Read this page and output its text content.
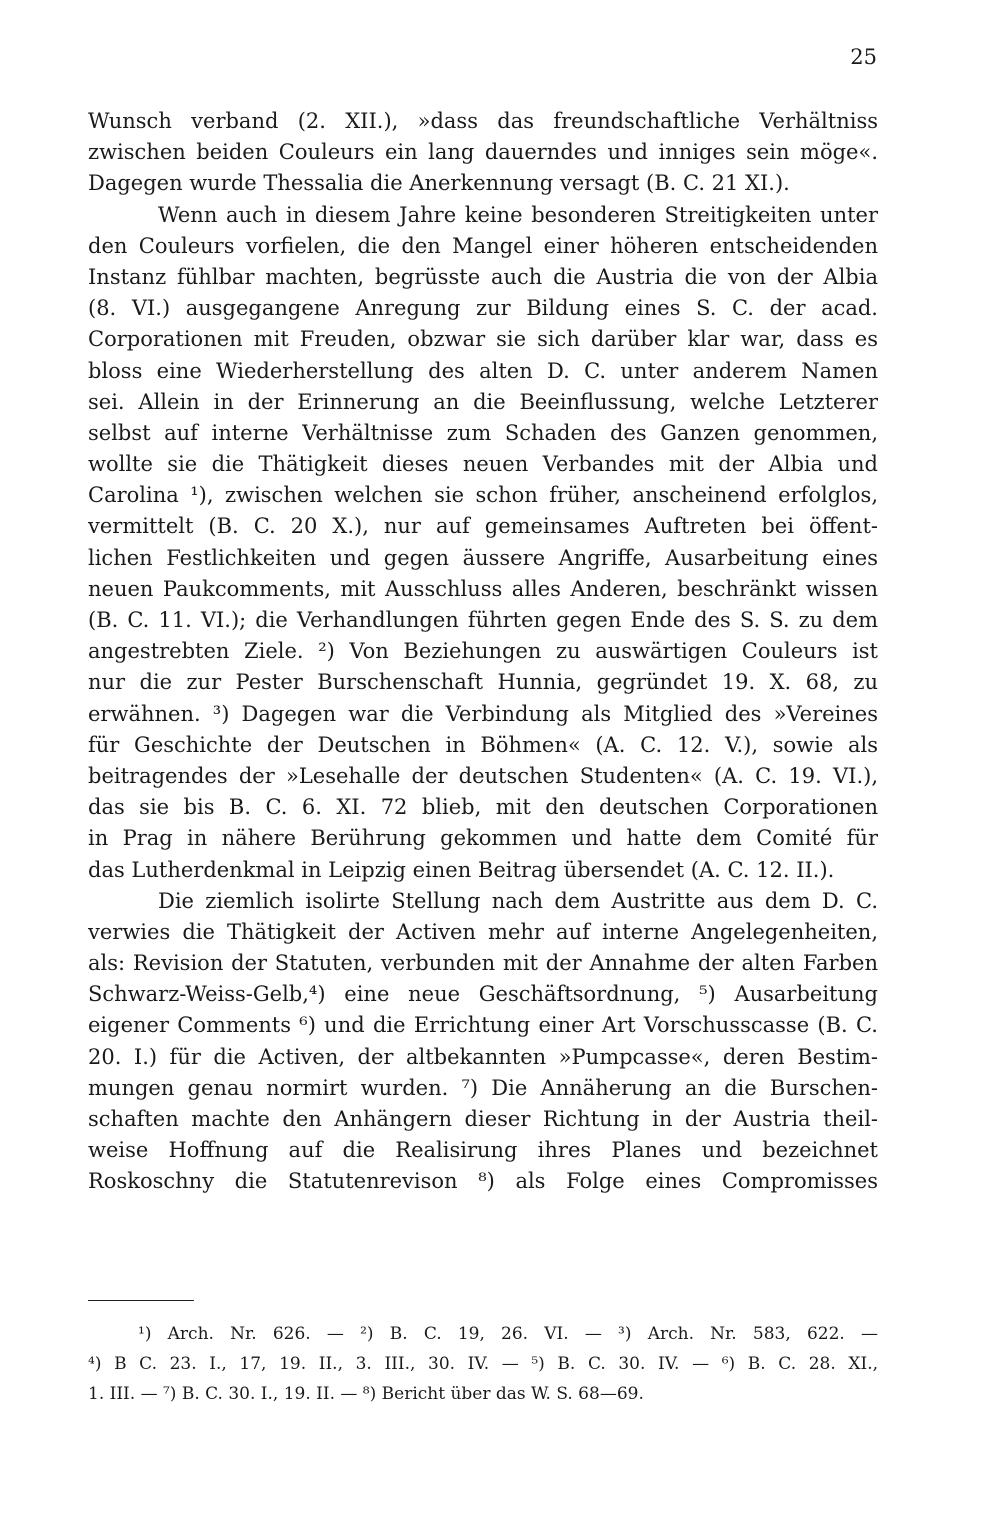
25
Wunsch verband (2. XII.), »dass das freundschaftliche Verhältniss
zwischen beiden Couleurs ein lang dauerndes und inniges sein möge«.
Dagegen wurde Thessalia die Anerkennung versagt (B. C. 21 XI.).
Wenn auch in diesem Jahre keine besonderen Streitigkeiten unter
den Couleurs vorfielen, die den Mangel einer höheren entscheidenden
Instanz fühlbar machten, begrüsste auch die Austria die von der Albia
(8. VI.) ausgegangene Anregung zur Bildung eines S. C. der acad.
Corporationen mit Freuden, obzwar sie sich darüber klar war, dass es
bloss eine Wiederherstellung des alten D. C. unter anderem Namen
sei. Allein in der Erinnerung an die Beeinflussung, welche Letzterer
selbst auf interne Verhältnisse zum Schaden des Ganzen genommen,
wollte sie die Thätigkeit dieses neuen Verbandes mit der Albia und
Carolina ¹), zwischen welchen sie schon früher, anscheinend erfolglos,
vermittelt (B. C. 20 X.), nur auf gemeinsames Auftreten bei öffent-
lichen Festlichkeiten und gegen äussere Angriffe, Ausarbeitung eines
neuen Paukcomments, mit Ausschluss alles Anderen, beschränkt wissen
(B. C. 11. VI.); die Verhandlungen führten gegen Ende des S. S. zu dem
angestrebten Ziele. ²) Von Beziehungen zu auswärtigen Couleurs ist
nur die zur Pester Burschenschaft Hunnia, gegründet 19. X. 68, zu
erwähnen. ³) Dagegen war die Verbindung als Mitglied des »Vereines
für Geschichte der Deutschen in Böhmen« (A. C. 12. V.), sowie als
beitragendes der »Lesehalle der deutschen Studenten« (A. C. 19. VI.),
das sie bis B. C. 6. XI. 72 blieb, mit den deutschen Corporationen
in Prag in nähere Berührung gekommen und hatte dem Comité für
das Lutherdenkmal in Leipzig einen Beitrag übersendet (A. C. 12. II.).
Die ziemlich isolirte Stellung nach dem Austritte aus dem D. C.
verwies die Thätigkeit der Activen mehr auf interne Angelegenheiten,
als: Revision der Statuten, verbunden mit der Annahme der alten Farben
Schwarz-Weiss-Gelb,⁴) eine neue Geschäftsordnung, ⁵) Ausarbeitung
eigener Comments ⁶) und die Errichtung einer Art Vorschusscasse (B. C.
20. I.) für die Activen, der altbekannten »Pumpcasse«, deren Bestim-
mungen genau normirt wurden. ⁷) Die Annäherung an die Burschen-
schaften machte den Anhängern dieser Richtung in der Austria theil-
weise Hoffnung auf die Realisirung ihres Planes und bezeichnet
Roskoschny die Statutenrevison ⁸) als Folge eines Compromisses
¹) Arch. Nr. 626. — ²) B. C. 19, 26. VI. — ³) Arch. Nr. 583, 622. —
⁴) B C. 23. I., 17, 19. II., 3. III., 30. IV. — ⁵) B. C. 30. IV. — ⁶) B. C. 28. XI.,
1. III. — ⁷) B. C. 30. I., 19. II. — ⁸) Bericht über das W. S. 68—69.
